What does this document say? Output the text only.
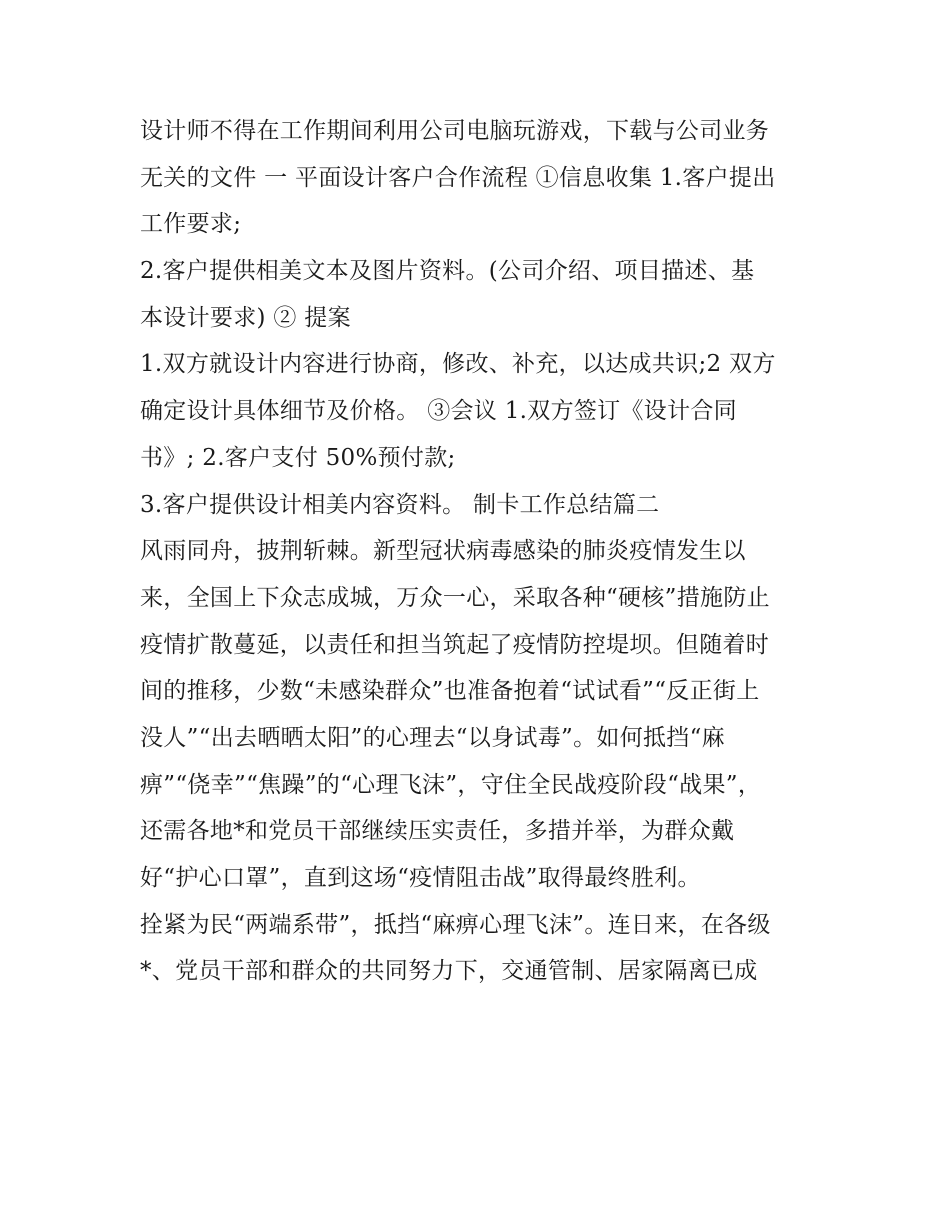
设计师不得在工作期间利用公司电脑玩游戏，下载与公司业务
无关的文件 一 平面设计客户合作流程 ①信息收集 1.客户提出
工作要求;
2.客户提供相美文本及图片资料。(公司介绍、项目描述、基
本设计要求) ② 提案
1.双方就设计内容进行协商，修改、补充，以达成共识;2 双方
确定设计具体细节及价格。 ③会议 1.双方签订《设计合同
书》; 2.客户支付 50%预付款;
3.客户提供设计相美内容资料。 制卡工作总结篇二
风雨同舟，披荆斩棘。新型冠状病毒感染的肺炎疫情发生以
来，全国上下众志成城，万众一心，采取各种“硬核”措施防止
疫情扩散蔓延，以责任和担当筑起了疫情防控堤坝。但随着时
间的推移，少数“未感染群众”也准备抱着“试试看”“反正街上
没人”“出去晒晒太阳”的心理去“以身试毒”。如何抵挡“麻
痹”“侥幸”“焦躁”的“心理飞沫”，守住全民战疫阶段“战果”，
还需各地*和党员干部继续压实责任，多措并举，为群众戴
好“护心口罩”，直到这场“疫情阻击战”取得最终胜利。
拴紧为民“两端系带”，抵挡“麻痹心理飞沫”。连日来，在各级
*、党员干部和群众的共同努力下，交通管制、居家隔离已成
